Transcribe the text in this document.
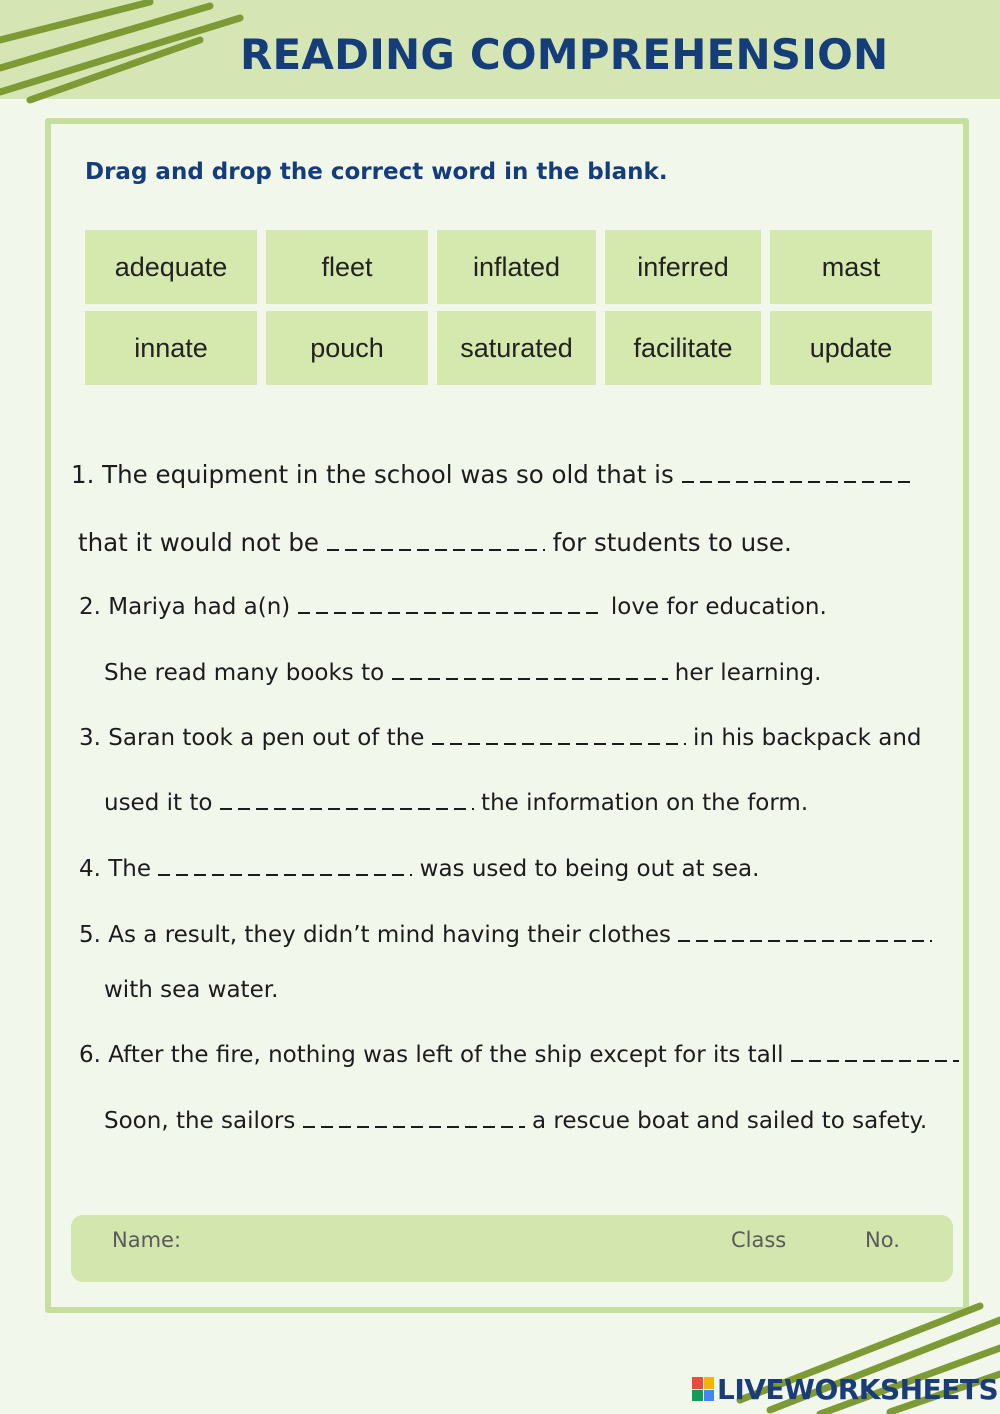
READING COMPREHENSION

Drag and drop the correct word in the blank.

adequate	fleet	inflated	inferred	mast
innate	pouch	saturated	facilitate	update

1. The equipment in the school was so old that is

that it would not be	for students to use.

2. Mariya had a(n)	love for education.

She read many books to	her learning.

3. Saran took a pen out of the	in his backpack and

used it to	the information on the form.

4. The	was used to being out at sea.

5. As a result, they didn’t mind having their clothes

with sea water.

6. After the fire, nothing was left of the ship except for its tall

Soon, the sailors	a rescue boat and sailed to safety.

Name:	Class	No.
LIVEWORKSHEETS
